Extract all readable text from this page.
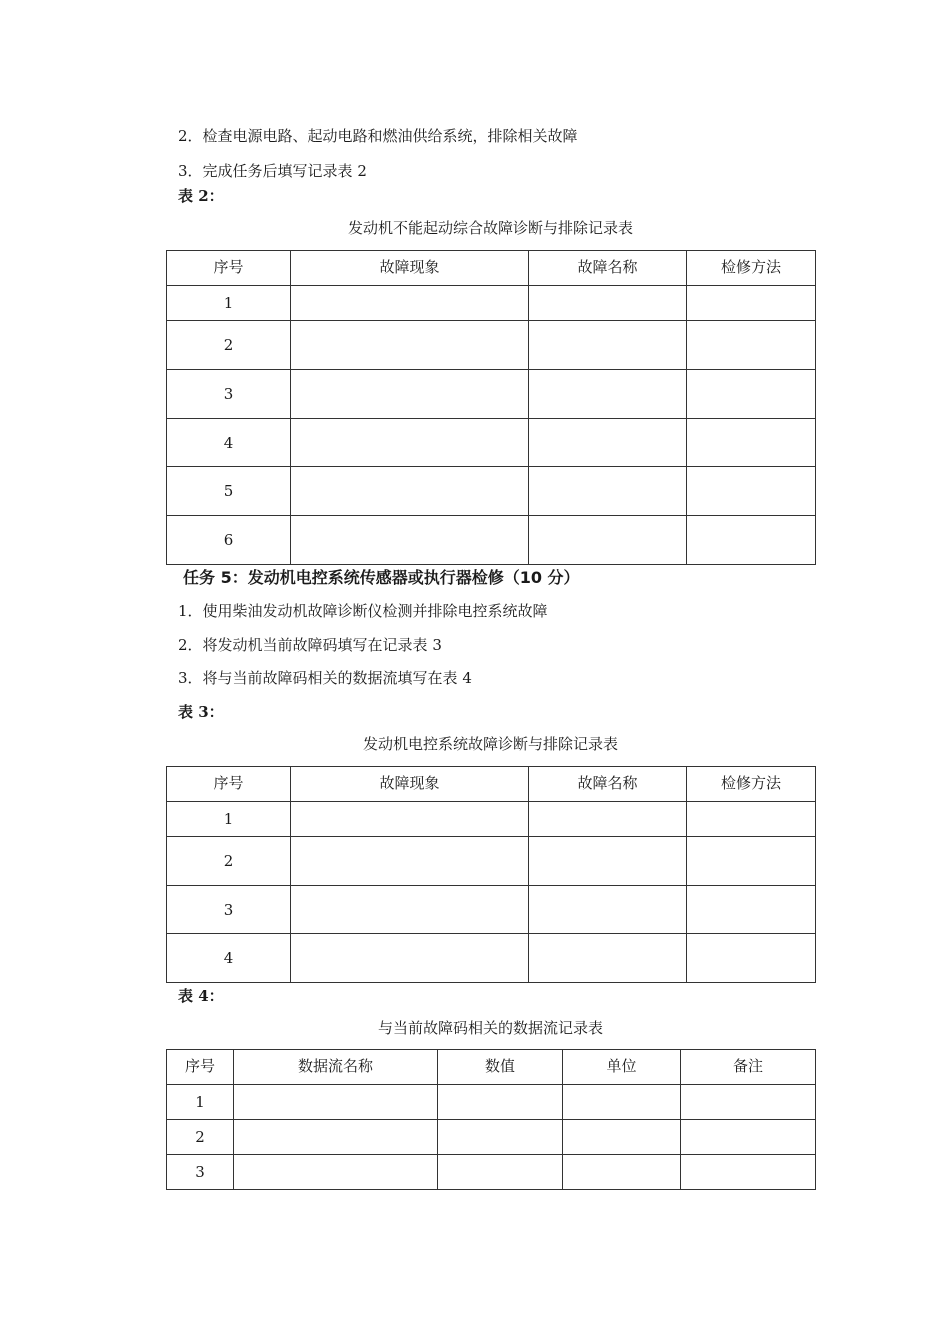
2．检查电源电路、起动电路和燃油供给系统，排除相关故障
3．完成任务后填写记录表 2
表 2：
发动机不能起动综合故障诊断与排除记录表
序号	故障现象	故障名称	检修方法
1			
2			
3			
4			
5			
6			
任务 5：发动机电控系统传感器或执行器检修（10 分）
1．使用柴油发动机故障诊断仪检测并排除电控系统故障
2．将发动机当前故障码填写在记录表 3
3．将与当前故障码相关的数据流填写在表 4
表 3：
发动机电控系统故障诊断与排除记录表
序号	故障现象	故障名称	检修方法
1			
2			
3			
4			
表 4：
与当前故障码相关的数据流记录表
序号	数据流名称	数值	单位	备注
1				
2				
3				
